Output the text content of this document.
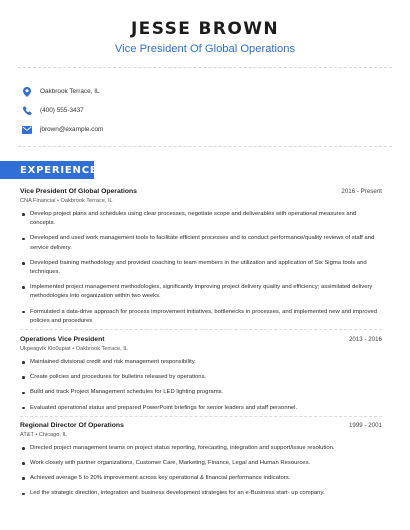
JESSE BROWN
Vice President Of Global Operations
Oakbrook Terrace, IL
(400) 555-3437
jbrown@example.com
EXPERIENCE
Vice President Of Global Operations	2016 - Present
CNA Financial • Oakbrook Terrace, IL
Develop project plans and schedules using clear processes, negotiate scope and deliverables with operational measures and concepts.
Developed and used work management tools to facilitate efficient processes and to conduct performance/quality reviews of staff and service delivery.
Developed training methodology and provided coaching to team members in the utilization and application of Six Sigma tools and techniques.
Implemented project management methodologies, significantly improving project delivery quality and efficiency; assimilated delivery methodologies into organization within two weeks.
Formulated a data-drive approach for process improvement initiatives, bottlenecks in processes, and implemented new and improved policies and procedures
Operations Vice President	2013 - 2016
Ukpeagvik I0o0upiat • Oakbrook Terrace, IL
Maintained divisional credit and risk management responsibility.
Create policies and procedures for bulletins released by operations.
Build and track Project Management schedules for LED lighting programs.
Evaluated operational status and prepared PowerPoint briefings for senior leaders and staff personnel.
Regional Director Of Operations	1999 - 2001
AT&T • Chicago, IL
Directed project management teams on project status reporting, forecasting, integration and support/issue resolution.
Work closely with partner organizations, Customer Care, Marketing, Finance, Legal and Human Resources.
Achieved average 5 to 20% improvement across key operational & financial performance indicators.
Led the strategic direction, integration and business development strategies for an e-Business start- up company.
